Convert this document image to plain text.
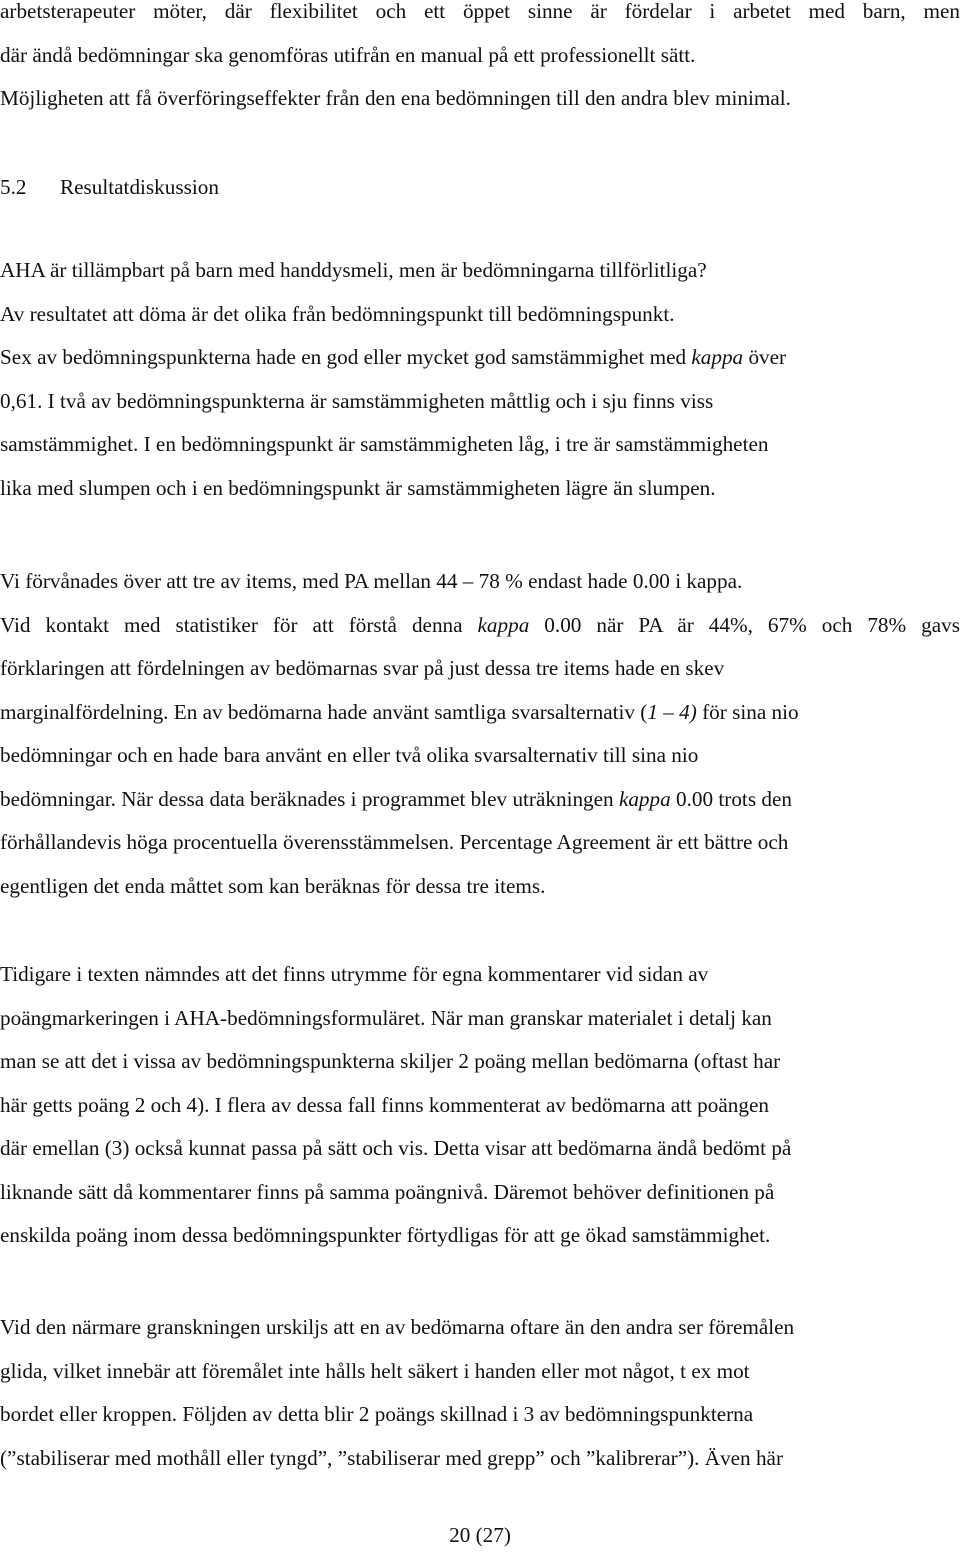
arbetsterapeuter möter, där flexibilitet och ett öppet sinne är fördelar i arbetet med barn, men
där ändå bedömningar ska genomföras utifrån en manual på ett professionellt sätt.
Möjligheten att få överföringseffekter från den ena bedömningen till den andra blev minimal.
5.2 Resultatdiskussion
AHA är tillämpbart på barn med handdysmeli, men är bedömningarna tillförlitliga?
Av resultatet att döma är det olika från bedömningspunkt till bedömningspunkt.
Sex av bedömningspunkterna hade en god eller mycket god samstämmighet med kappa över
0,61. I två av bedömningspunkterna är samstämmigheten måttlig och i sju finns viss
samstämmighet. I en bedömningspunkt är samstämmigheten låg, i tre är samstämmigheten
lika med slumpen och i en bedömningspunkt är samstämmigheten lägre än slumpen.
Vi förvånades över att tre av items, med PA mellan 44 – 78 % endast hade 0.00 i kappa.
Vid kontakt med statistiker för att förstå denna kappa 0.00 när PA är 44%, 67% och 78% gavs
förklaringen att fördelningen av bedömarnas svar på just dessa tre items hade en skev
marginalfördelning. En av bedömarna hade använt samtliga svarsalternativ (1 – 4) för sina nio
bedömningar och en hade bara använt en eller två olika svarsalternativ till sina nio
bedömningar. När dessa data beräknades i programmet blev uträkningen kappa 0.00 trots den
förhållandevis höga procentuella överensstämmelsen. Percentage Agreement är ett bättre och
egentligen det enda måttet som kan beräknas för dessa tre items.
Tidigare i texten nämndes att det finns utrymme för egna kommentarer vid sidan av
poängmarkeringen i AHA-bedömningsformuläret. När man granskar materialet i detalj kan
man se att det i vissa av bedömningspunkterna skiljer 2 poäng mellan bedömarna (oftast har
här getts poäng 2 och 4). I flera av dessa fall finns kommenterat av bedömarna att poängen
där emellan (3) också kunnat passa på sätt och vis. Detta visar att bedömarna ändå bedömt på
liknande sätt då kommentarer finns på samma poängnivå. Däremot behöver definitionen på
enskilda poäng inom dessa bedömningspunkter förtydligas för att ge ökad samstämmighet.
Vid den närmare granskningen urskiljs att en av bedömarna oftare än den andra ser föremålen
glida, vilket innebär att föremålet inte hålls helt säkert i handen eller mot något, t ex mot
bordet eller kroppen. Följden av detta blir 2 poängs skillnad i 3 av bedömningspunkterna
(”stabiliserar med mothåll eller tyngd”, ”stabiliserar med grepp” och ”kalibrerar”). Även här
20 (27)
